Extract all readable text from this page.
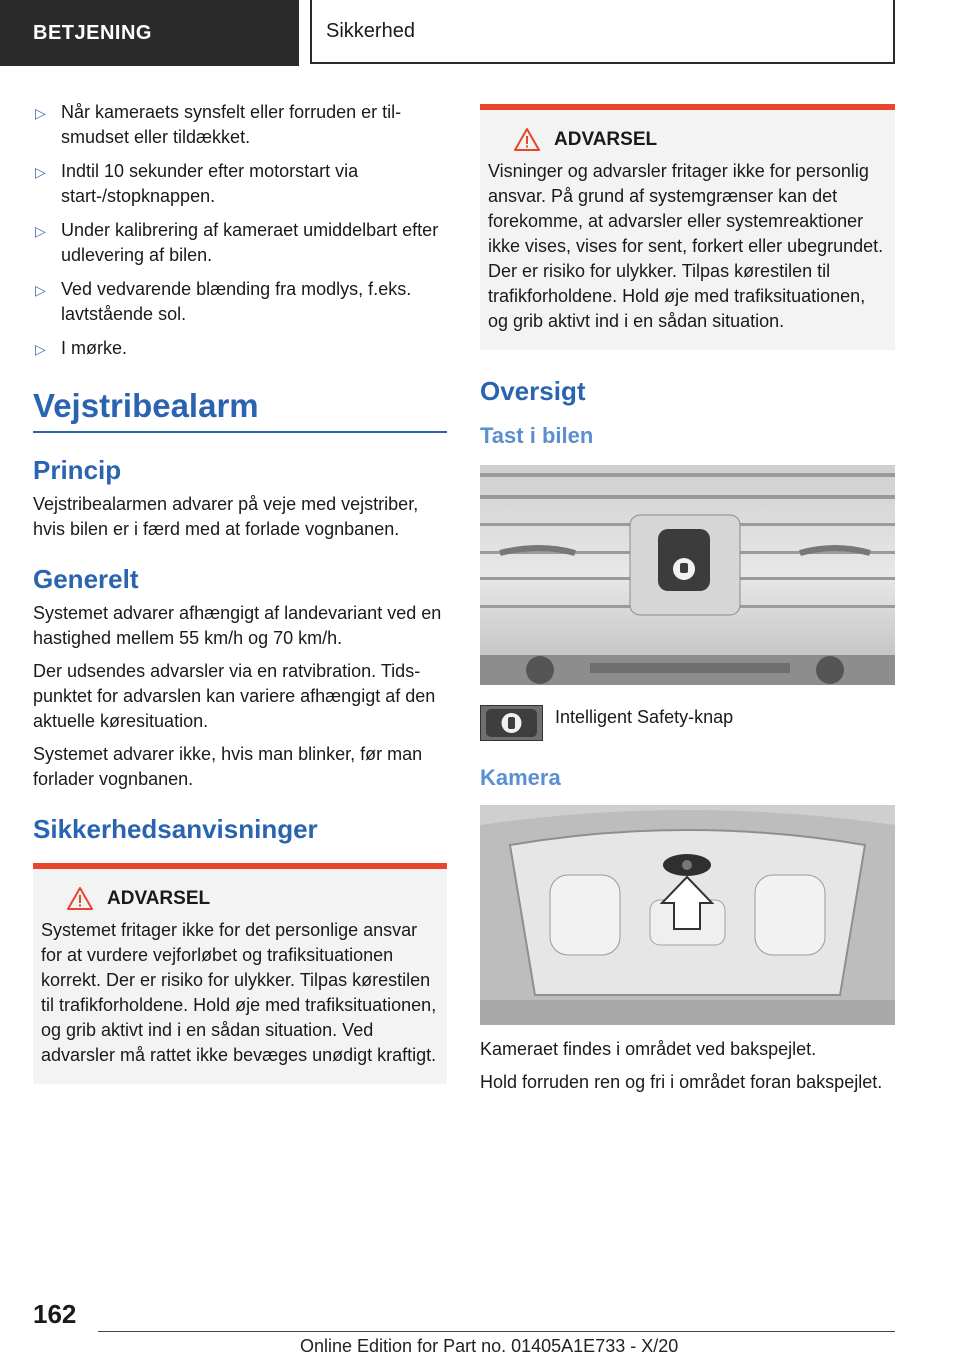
BETJENING	Sikkerhed
▷ Når kameraets synsfelt eller forruden er tilsmudset eller tildækket.
▷ Indtil 10 sekunder efter motorstart via start-/stopknappen.
▷ Under kalibrering af kameraet umiddelbart efter udlevering af bilen.
▷ Ved vedvarende blænding fra modlys, f.eks. lavtstående sol.
▷ I mørke.
Vejstribealarm
Princip
Vejstribealarmen advarer på veje med vejstriber, hvis bilen er i færd med at forlade vognbanen.
Generelt
Systemet advarer afhængigt af landevariant ved en hastighed mellem 55 km/h og 70 km/h.
Der udsendes advarsler via en ratvibration. Tidspunktet for advarslen kan variere afhængigt af den aktuelle køresituation.
Systemet advarer ikke, hvis man blinker, før man forlader vognbanen.
Sikkerhedsanvisninger
ADVARSEL
Systemet fritager ikke for det personlige ansvar for at vurdere vejforløbet og trafiksituationen korrekt. Der er risiko for ulykker. Tilpas kørestilen til trafikforholdene. Hold øje med trafiksituationen, og grib aktivt ind i en sådan situation. Ved advarsler må rattet ikke bevæges unødigt kraftigt.
ADVARSEL
Visninger og advarsler fritager ikke for personlig ansvar. På grund af systemgrænser kan det forekomme, at advarsler eller systemreaktioner ikke vises, vises for sent, forkert eller ubegrundet. Der er risiko for ulykker. Tilpas kørestilen til trafikforholdene. Hold øje med trafiksituationen, og grib aktivt ind i en sådan situation.
Oversigt
Tast i bilen
Intelligent Safety-knap
Kamera
Kameraet findes i området ved bakspejlet.
Hold forruden ren og fri i området foran bakspejlet.
162
Online Edition for Part no. 01405A1E733 - X/20
